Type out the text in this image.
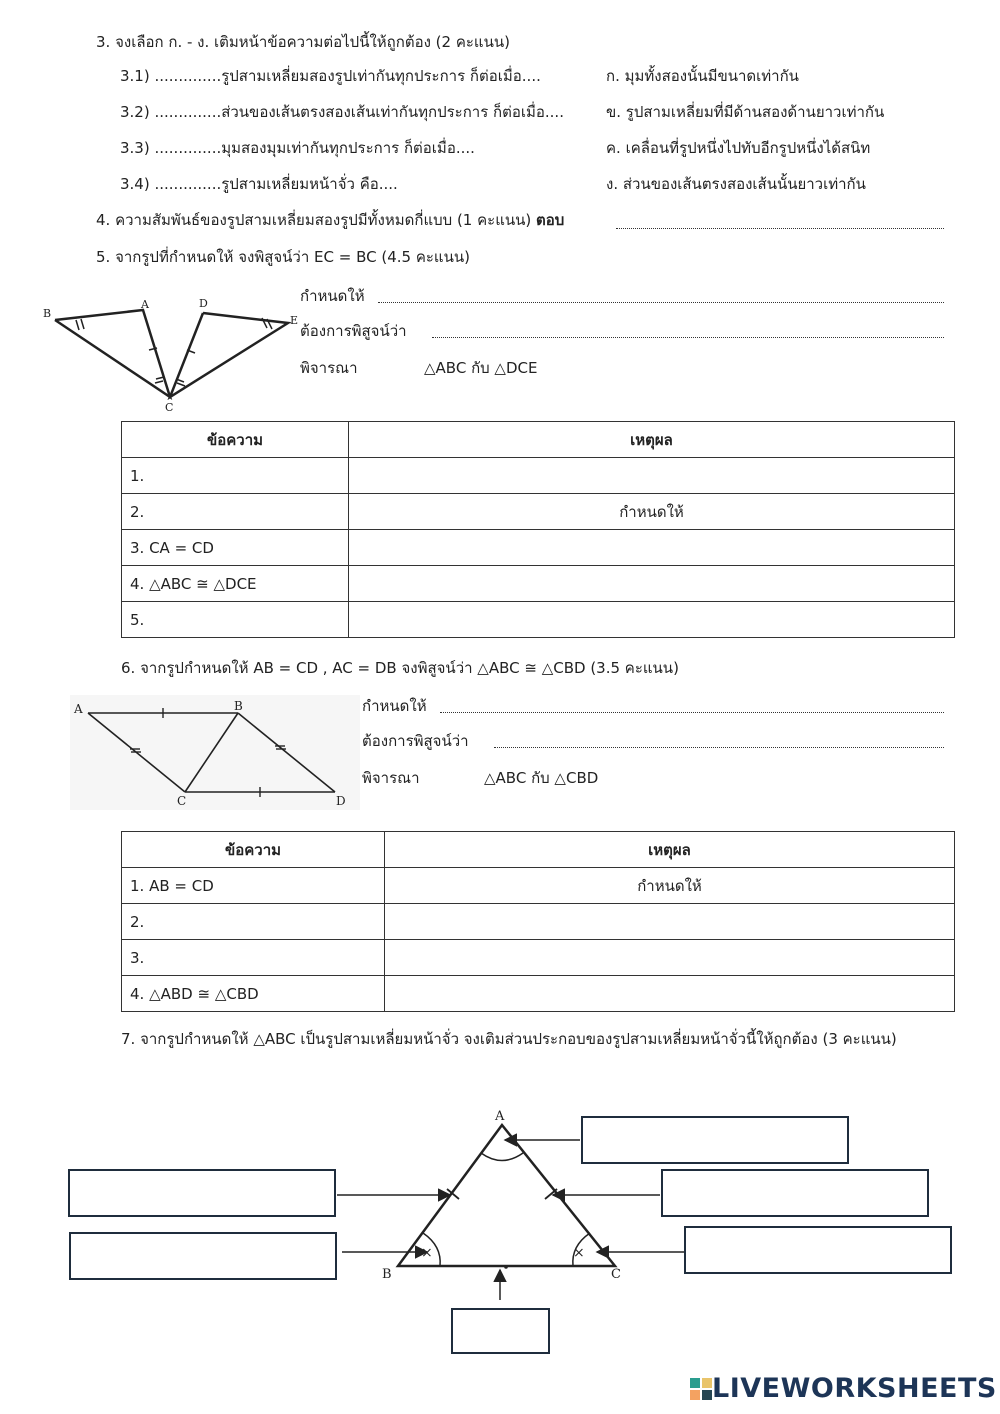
3. จงเลือก ก. - ง. เติมหน้าข้อความต่อไปนี้ให้ถูกต้อง (2 คะแนน)
3.1) ..............รูปสามเหลี่ยมสองรูปเท่ากันทุกประการ ก็ต่อเมื่อ....
3.2) ..............ส่วนของเส้นตรงสองเส้นเท่ากันทุกประการ ก็ต่อเมื่อ....
3.3) ..............มุมสองมุมเท่ากันทุกประการ ก็ต่อเมื่อ....
3.4) ..............รูปสามเหลี่ยมหน้าจั่ว คือ....
ก. มุมทั้งสองนั้นมีขนาดเท่ากัน
ข. รูปสามเหลี่ยมที่มีด้านสองด้านยาวเท่ากัน
ค. เคลื่อนที่รูปหนึ่งไปทับอีกรูปหนึ่งได้สนิท
ง. ส่วนของเส้นตรงสองเส้นนั้นยาวเท่ากัน
4. ความสัมพันธ์ของรูปสามเหลี่ยมสองรูปมีทั้งหมดกี่แบบ (1 คะแนน) ตอบ
5. จากรูปที่กำหนดให้ จงพิสูจน์ว่า EC = BC (4.5 คะแนน)
B
A	D
E
C
กำหนดให้
ต้องการพิสูจน์ว่า
พิจารณา	△ABC กับ △DCE
ข้อความ	เหตุผล
1.	
2.	กำหนดให้
3. CA = CD	
4. △ABC ≅ △DCE	
5.	
6. จากรูปกำหนดให้ AB = CD , AC = DB จงพิสูจน์ว่า △ABC ≅ △CBD (3.5 คะแนน)
A	B
C	D
กำหนดให้
ต้องการพิสูจน์ว่า
พิจารณา	△ABC กับ △CBD
ข้อความ	เหตุผล
1. AB = CD	กำหนดให้
2.	
3.	
4. △ABD ≅ △CBD	
7. จากรูปกำหนดให้ △ABC เป็นรูปสามเหลี่ยมหน้าจั่ว จงเติมส่วนประกอบของรูปสามเหลี่ยมหน้าจั่วนี้ให้ถูกต้อง (3 คะแนน)
×	×
A
B	C
LIVEWORKSHEETS
